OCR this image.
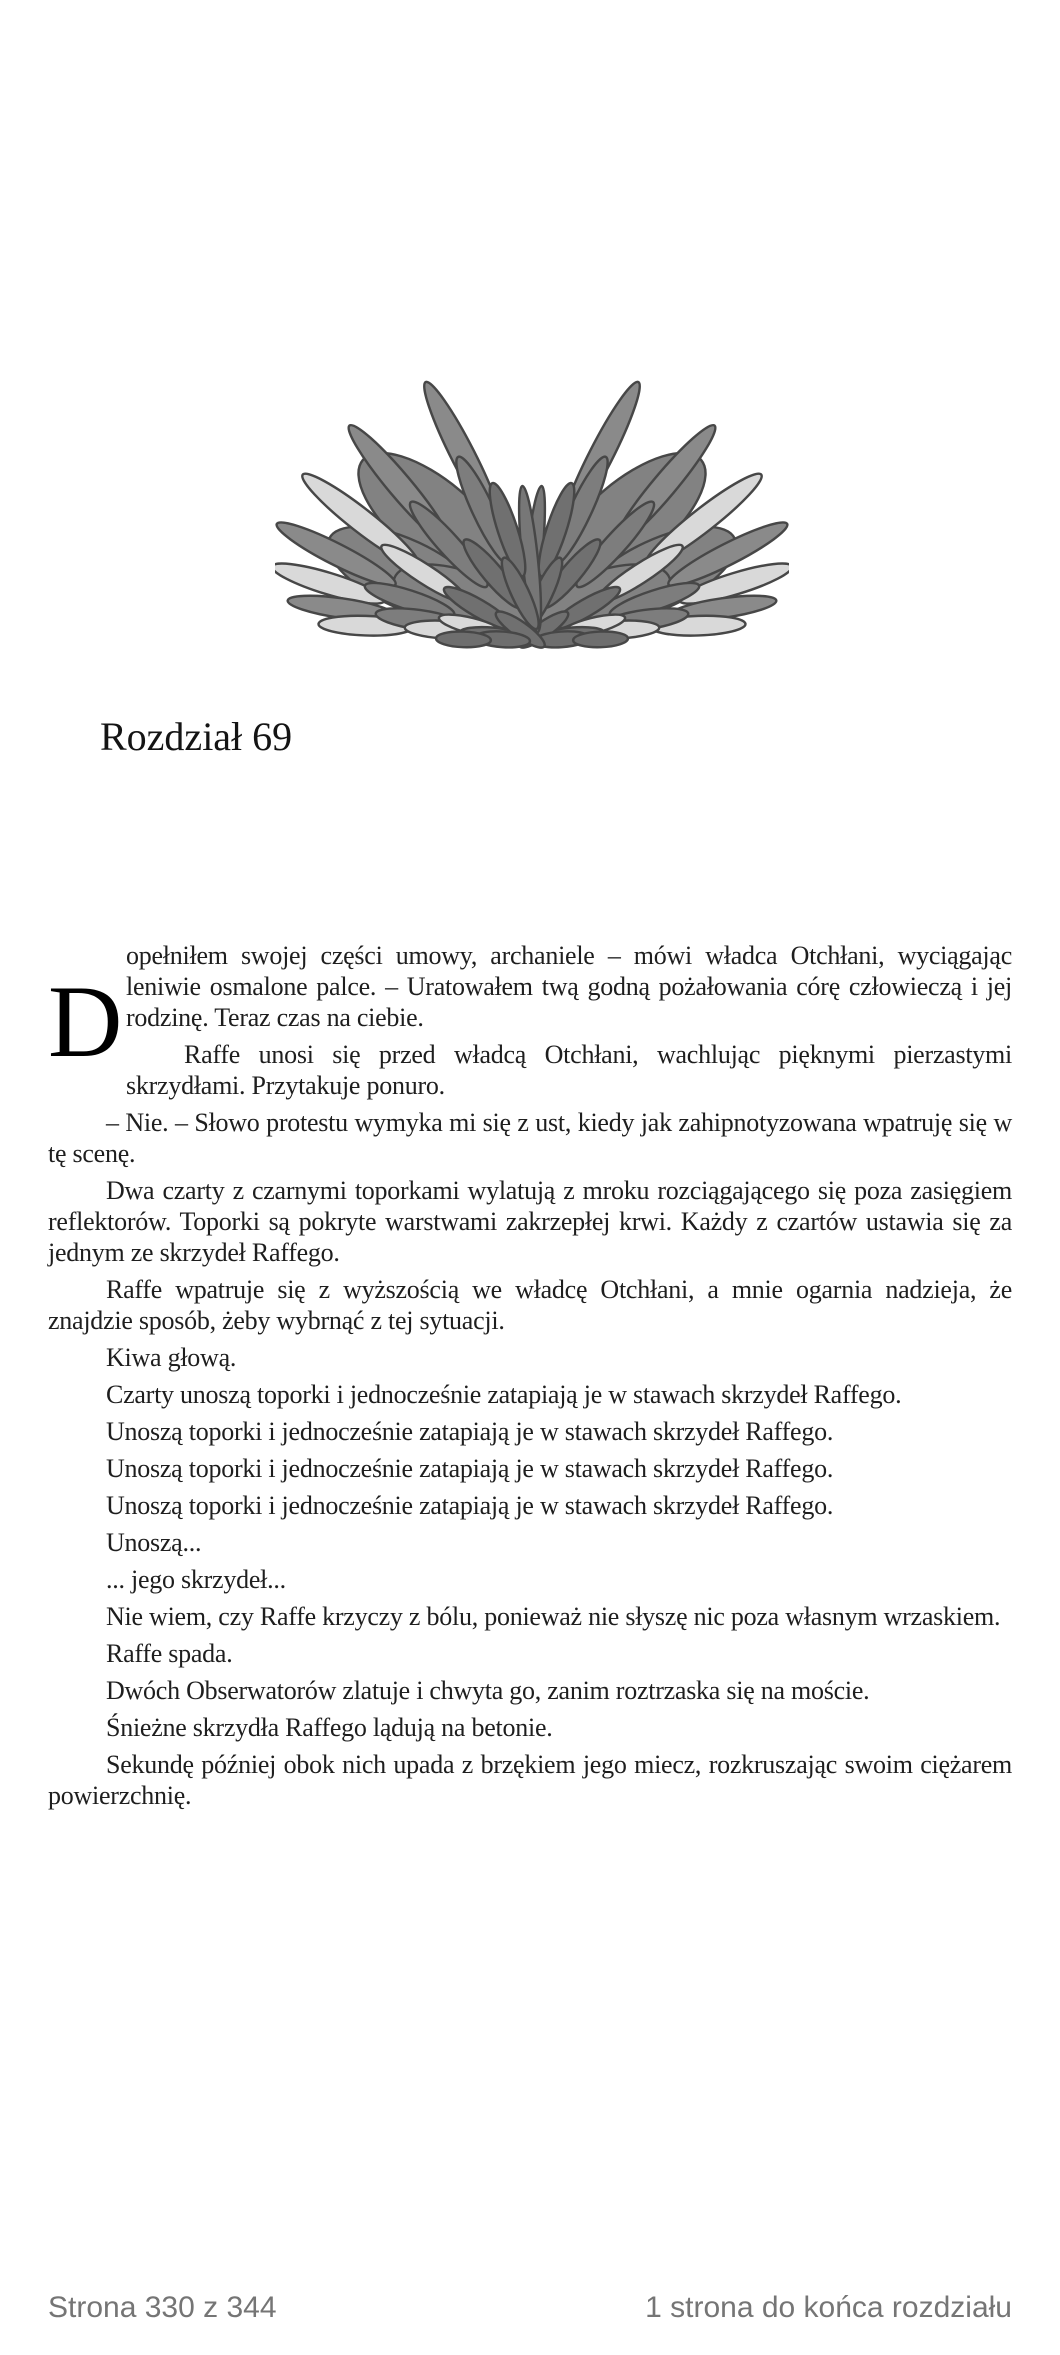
Rozdział 69

D
opełniłem swojej części umowy, archaniele – mówi władca Otchłani, wyciągając leniwie osmalone palce. – Uratowałem twą godną pożałowania córę człowieczą i jej rodzinę. Teraz czas na ciebie.

Raffe unosi się przed władcą Otchłani, wachlując pięknymi pierzastymi skrzydłami. Przytakuje ponuro.

– Nie. – Słowo protestu wymyka mi się z ust, kiedy jak zahipnotyzowana wpatruję się w tę scenę.

Dwa czarty z czarnymi toporkami wylatują z mroku rozciągającego się poza zasięgiem reflektorów. Toporki są pokryte warstwami zakrzepłej krwi. Każdy z czartów ustawia się za jednym ze skrzydeł Raffego.

Raffe wpatruje się z wyższością we władcę Otchłani, a mnie ogarnia nadzieja, że znajdzie sposób, żeby wybrnąć z tej sytuacji.

Kiwa głową.

Czarty unoszą toporki i jednocześnie zatapiają je w stawach skrzydeł Raffego.

Unoszą toporki i jednocześnie zatapiają je w stawach skrzydeł Raffego.

Unoszą toporki i jednocześnie zatapiają je w stawach skrzydeł Raffego.

Unoszą toporki i jednocześnie zatapiają je w stawach skrzydeł Raffego.

Unoszą...

... jego skrzydeł...

Nie wiem, czy Raffe krzyczy z bólu, ponieważ nie słyszę nic poza własnym wrzaskiem.

Raffe spada.

Dwóch Obserwatorów zlatuje i chwyta go, zanim roztrzaska się na moście.

Śnieżne skrzydła Raffego lądują na betonie.

Sekundę później obok nich upada z brzękiem jego miecz, rozkruszając swoim ciężarem powierzchnię.

Strona 330 z 344	1 strona do końca rozdziału
